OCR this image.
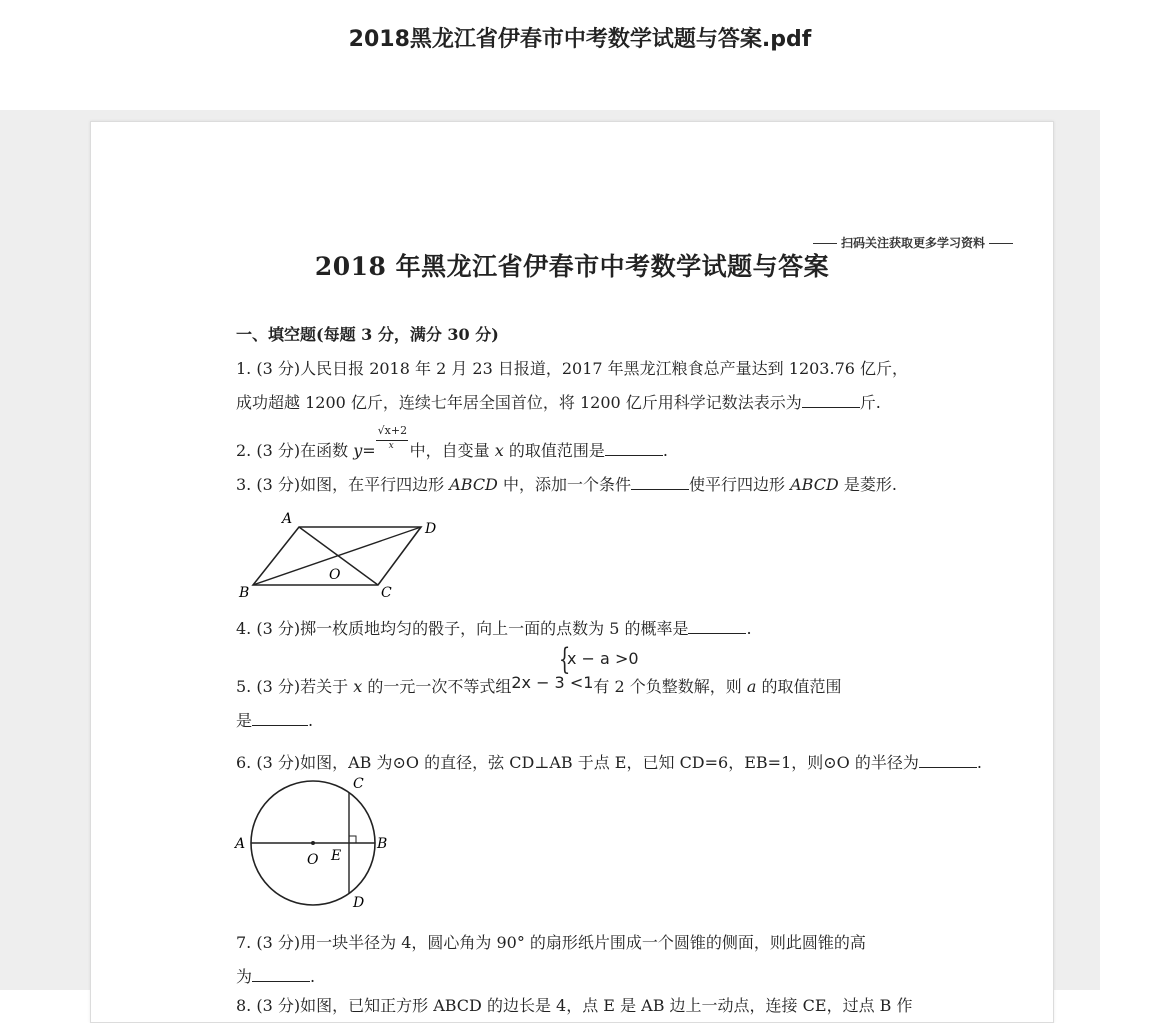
2018黑龙江省伊春市中考数学试题与答案.pdf
扫码关注获取更多学习资料
2018 年黑龙江省伊春市中考数学试题与答案
一、填空题(每题 3 分，满分 30 分)
1. (3 分)人民日报 2018 年 2 月 23 日报道，2017 年黑龙江粮食总产量达到 1203.76 亿斤，
成功超越 1200 亿斤，连续七年居全国首位，将 1200 亿斤用科学记数法表示为	斤.
2. (3 分)在函数 y=
√x+2
x 中，自变量 x 的取值范围是	.
3. (3 分)如图，在平行四边形 ABCD 中，添加一个条件	使平行四边形 ABCD 是菱形.
A
D
O
B	C
4. (3 分)掷一枚质地均匀的骰子，向上一面的点数为 5 的概率是	.
x − a >0
{
5. (3 分)若关于 x 的一元一次不等式组2x − 3 <1有 2 个负整数解，则 a 的取值范围
是	.
6. (3 分)如图，AB 为⊙O 的直径，弦 CD⊥AB 于点 E，已知 CD=6，EB=1，则⊙O 的半径为	.
A	B
C
D
O E
7. (3 分)用一块半径为 4，圆心角为 90° 的扇形纸片围成一个圆锥的侧面，则此圆锥的高
为	.
8. (3 分)如图，已知正方形 ABCD 的边长是 4，点 E 是 AB 边上一动点，连接 CE，过点 B 作
